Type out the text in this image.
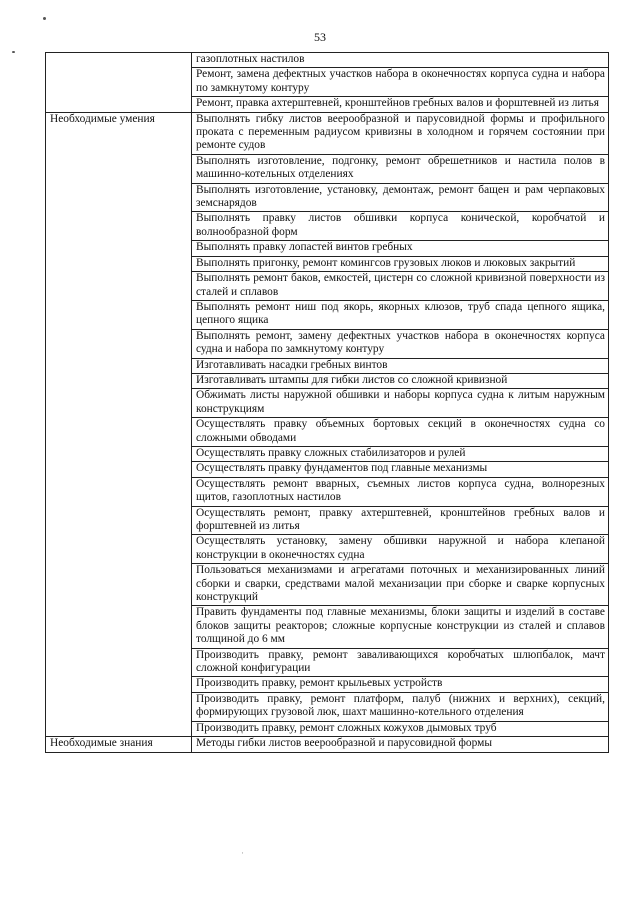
53

	газоплотных настилов

	Ремонт, замена дефектных участков набора в оконечностях корпуса судна и набора по замкнутому контуру

	Ремонт, правка ахтерштевней, кронштейнов гребных валов и форштевней из литья

Необходимые умения	Выполнять гибку листов веерообразной и парусовидной формы и профильного проката с переменным радиусом кривизны в холодном и горячем состоянии при ремонте судов

	Выполнять изготовление, подгонку, ремонт обрешетников и настила полов в машинно-котельных отделениях

	Выполнять изготовление, установку, демонтаж, ремонт бащен и рам черпаковых земснарядов

	Выполнять правку листов обшивки корпуса конической, коробчатой и волнообразной форм

	Выполнять правку лопастей винтов гребных

	Выполнять пригонку, ремонт комингсов грузовых люков и люковых закрытий

	Выполнять ремонт баков, емкостей, цистерн со сложной кривизной поверхности из сталей и сплавов

	Выполнять ремонт ниш под якорь, якорных клюзов, труб спада цепного ящика, цепного ящика

	Выполнять ремонт, замену дефектных участков набора в оконечностях корпуса судна и набора по замкнутому контуру

	Изготавливать насадки гребных винтов

	Изготавливать штампы для гибки листов со сложной кривизной

	Обжимать листы наружной обшивки и наборы корпуса судна к литым наружным конструкциям

	Осуществлять правку объемных бортовых секций в оконечностях судна со сложными обводами

	Осуществлять правку сложных стабилизаторов и рулей

	Осуществлять правку фундаментов под главные механизмы

	Осуществлять ремонт вварных, съемных листов корпуса судна, волнорезных щитов, газоплотных настилов

	Осуществлять ремонт, правку ахтерштевней, кронштейнов гребных валов и форштевней из литья

	Осуществлять установку, замену обшивки наружной и набора клепаной конструкции в оконечностях судна

	Пользоваться механизмами и агрегатами поточных и механизированных линий сборки и сварки, средствами малой механизации при сборке и сварке корпусных конструкций

	Править фундаменты под главные механизмы, блоки защиты и изделий в составе блоков защиты реакторов; сложные корпусные конструкции из сталей и сплавов толщиной до 6 мм

	Производить правку, ремонт заваливающихся коробчатых шлюпбалок, мачт сложной конфигурации

	Производить правку, ремонт крыльевых устройств

	Производить правку, ремонт платформ, палуб (нижних и верхних), секций, формирующих грузовой люк, шахт машинно-котельного отделения

	Производить правку, ремонт сложных кожухов дымовых труб

Необходимые знания	Методы гибки листов веерообразной и парусовидной формы
·
